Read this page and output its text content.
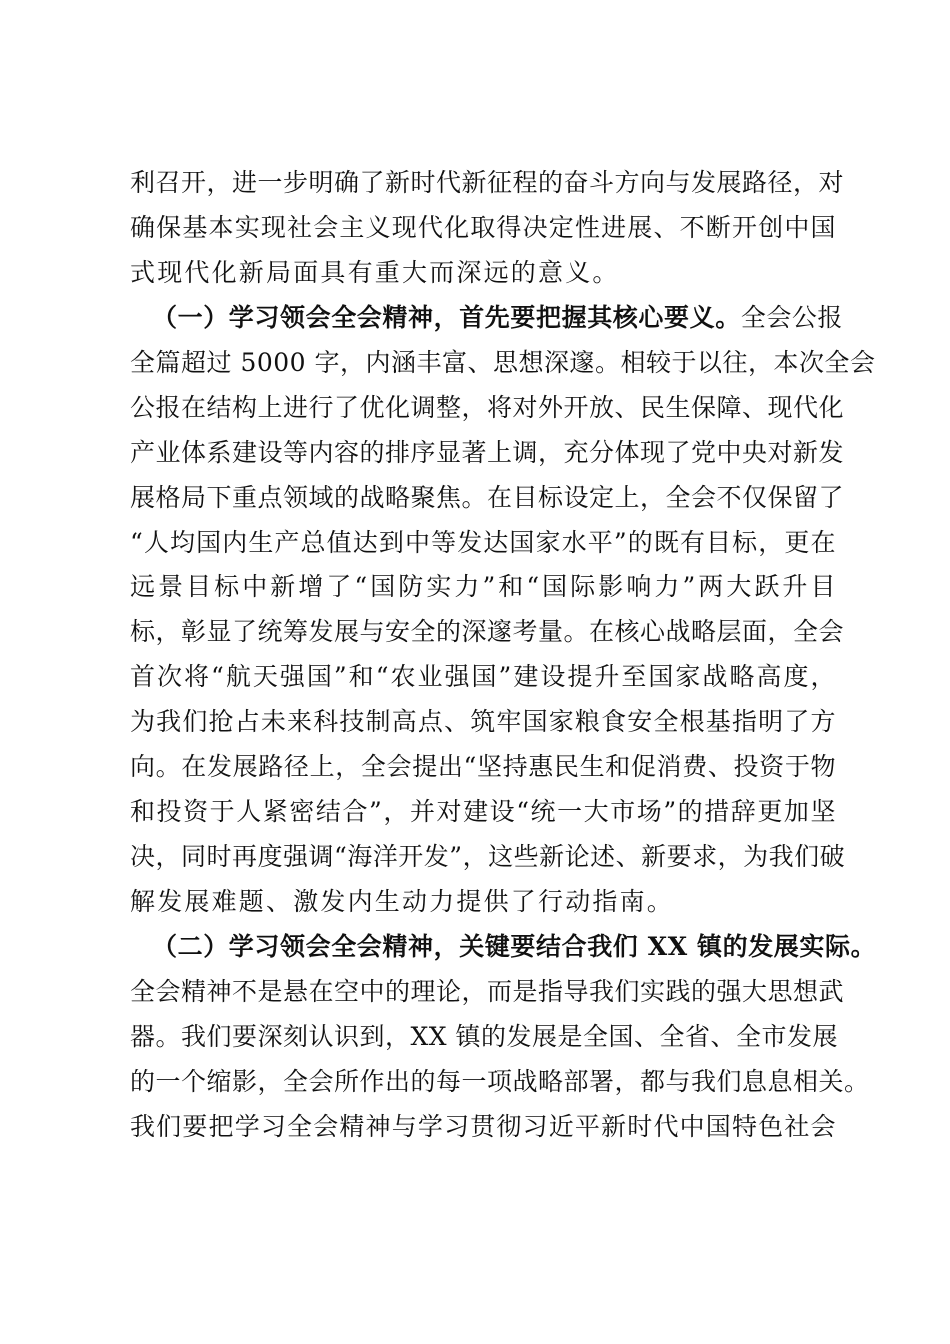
利召开，进一步明确了新时代新征程的奋斗方向与发展路径，对
确保基本实现社会主义现代化取得决定性进展、不断开创中国
式现代化新局面具有重大而深远的意义。
（一）学习领会全会精神，首先要把握其核心要义。全会公报
全篇超过 5000 字，内涵丰富、思想深邃。相较于以往，本次全会
公报在结构上进行了优化调整，将对外开放、民生保障、现代化
产业体系建设等内容的排序显著上调，充分体现了党中央对新发
展格局下重点领域的战略聚焦。在目标设定上，全会不仅保留了
“人均国内生产总值达到中等发达国家水平”的既有目标，更在
远景目标中新增了“国防实力”和“国际影响力”两大跃升目
标，彰显了统筹发展与安全的深邃考量。在核心战略层面，全会
首次将“航天强国”和“农业强国”建设提升至国家战略高度，
为我们抢占未来科技制高点、筑牢国家粮食安全根基指明了方
向。在发展路径上，全会提出“坚持惠民生和促消费、投资于物
和投资于人紧密结合”，并对建设“统一大市场”的措辞更加坚
决，同时再度强调“海洋开发”，这些新论述、新要求，为我们破
解发展难题、激发内生动力提供了行动指南。
（二）学习领会全会精神，关键要结合我们 XX 镇的发展实际。
全会精神不是悬在空中的理论，而是指导我们实践的强大思想武
器。我们要深刻认识到，XX 镇的发展是全国、全省、全市发展
的一个缩影，全会所作出的每一项战略部署，都与我们息息相关。
我们要把学习全会精神与学习贯彻习近平新时代中国特色社会
